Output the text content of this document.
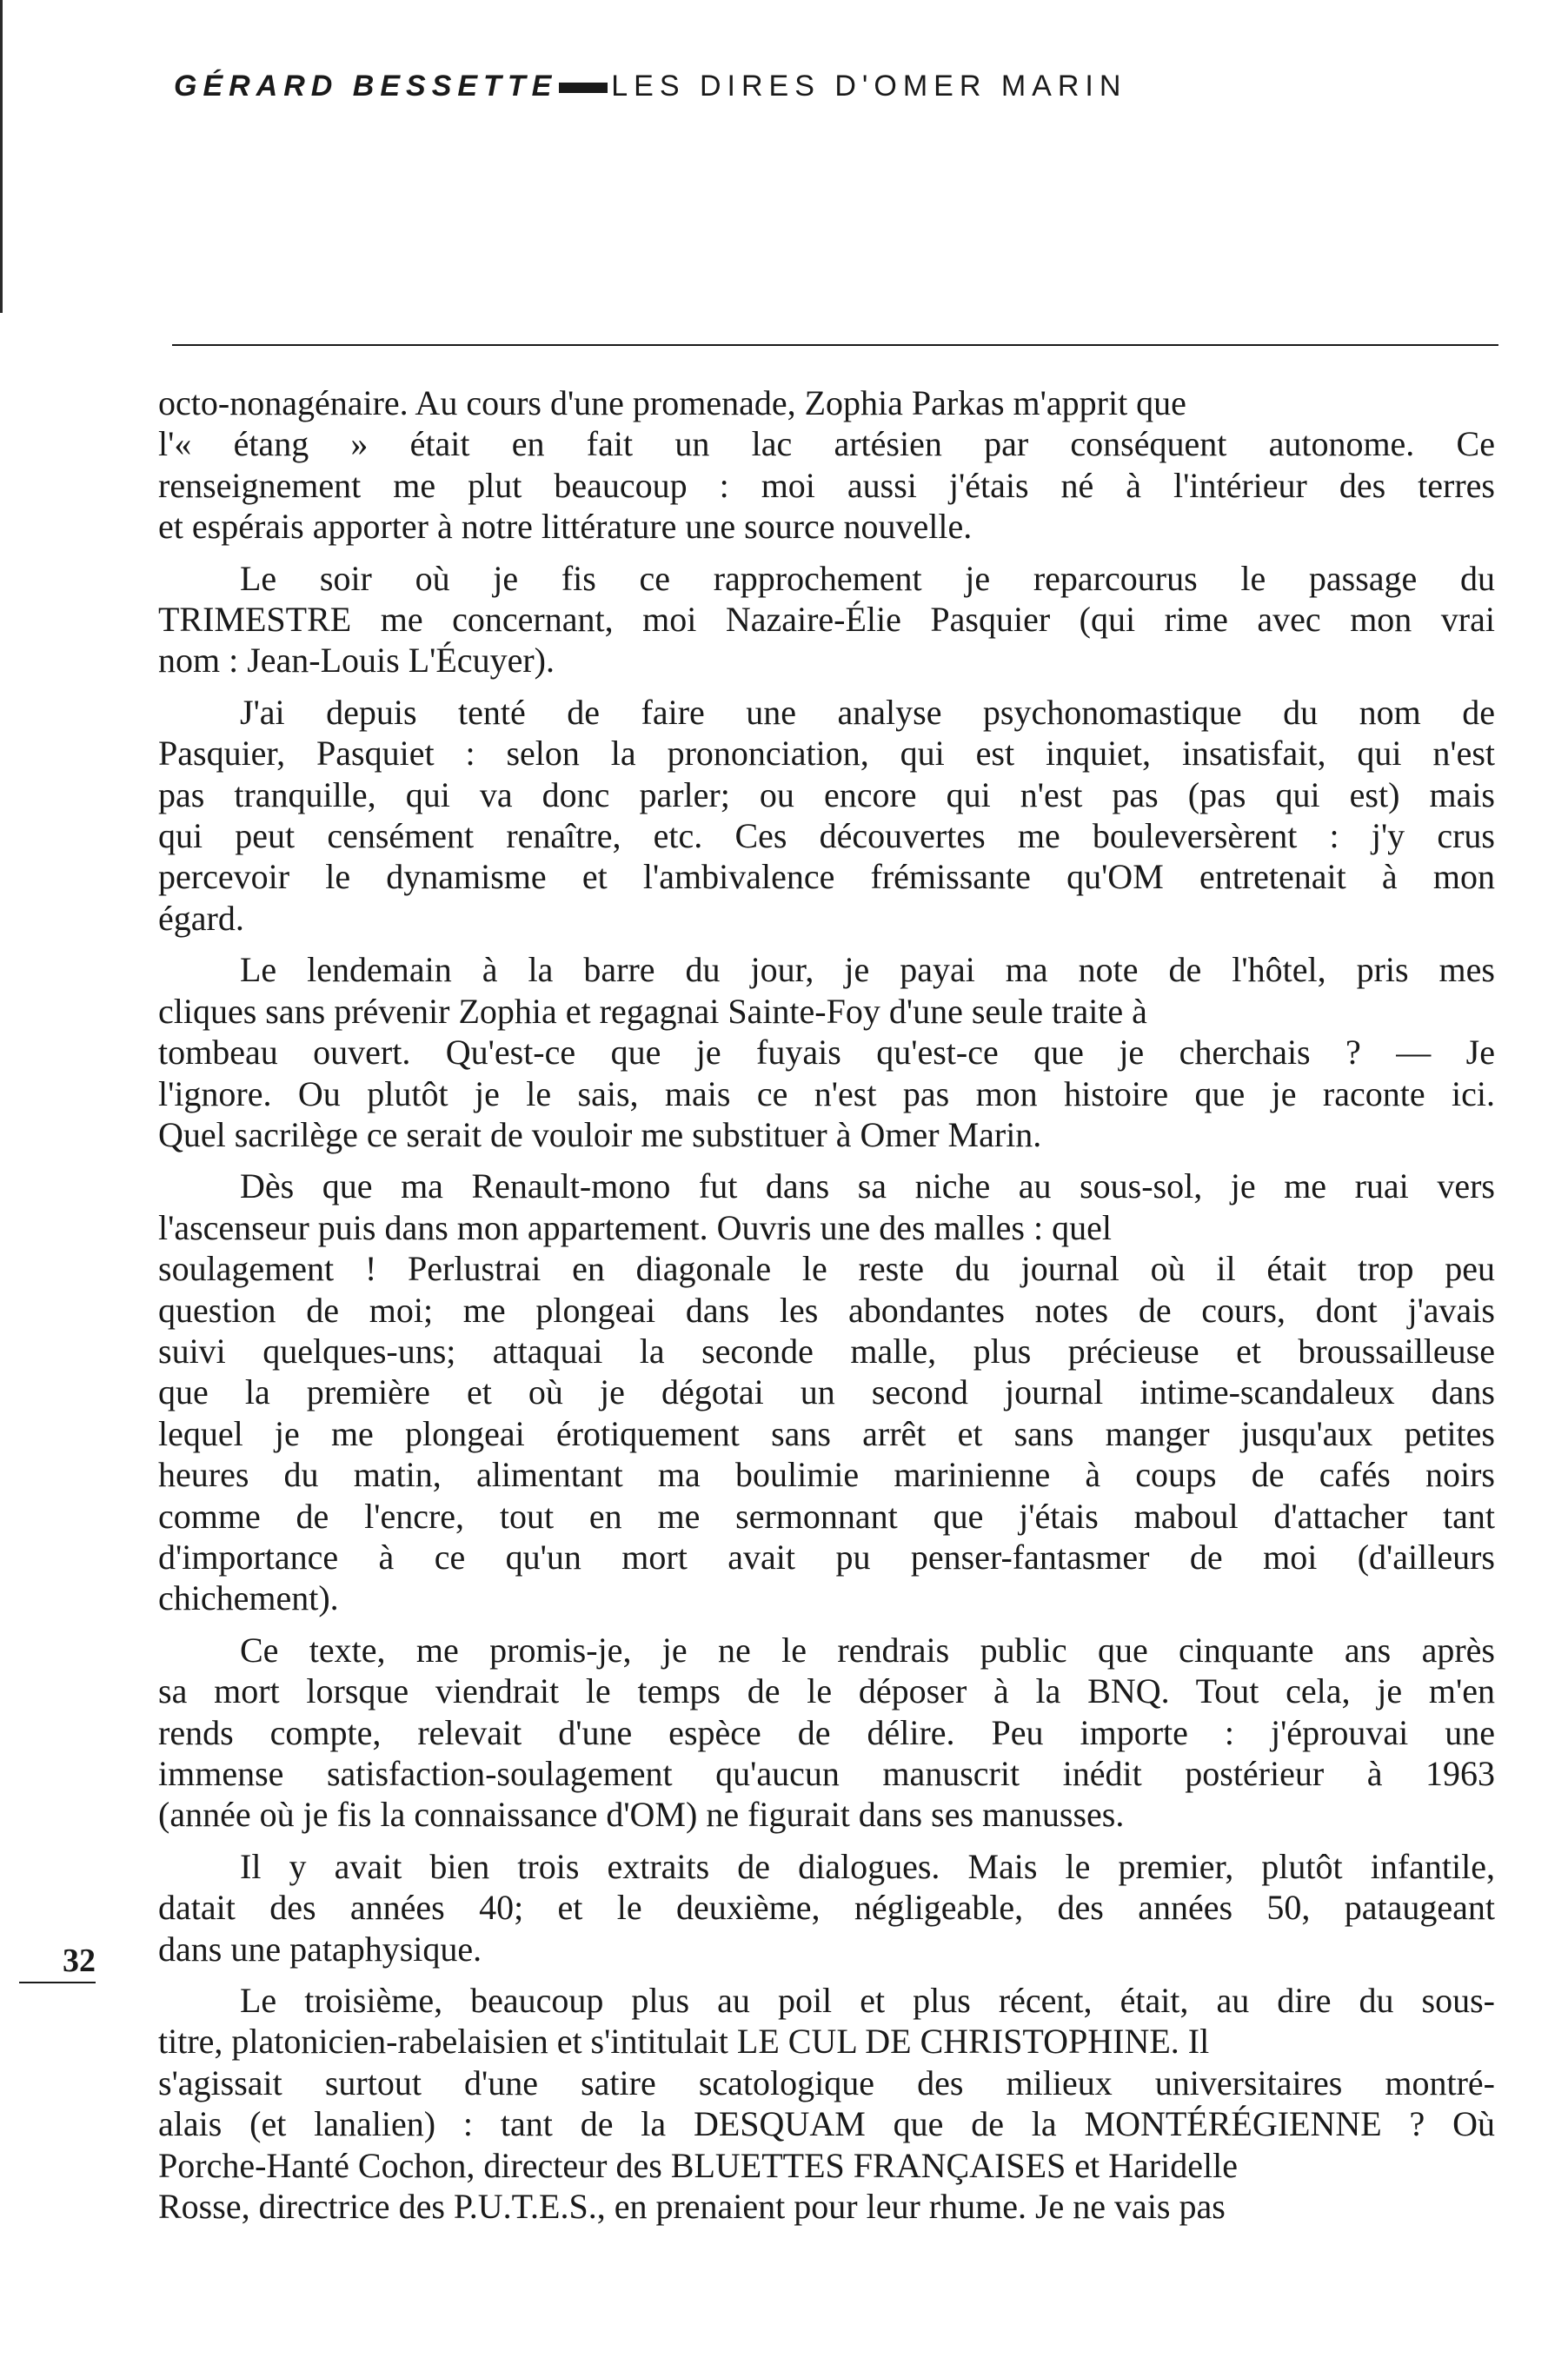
GÉRARD BESSETTE LES DIRES D'OMER MARIN

octo-nonagénaire. Au cours d'une promenade, Zophia Parkas m'apprit que
l'« étang » était en fait un lac artésien par conséquent autonome. Ce
renseignement me plut beaucoup : moi aussi j'étais né à l'intérieur des terres
et espérais apporter à notre littérature une source nouvelle.

Le soir où je fis ce rapprochement je reparcourus le passage du
TRIMESTRE me concernant, moi Nazaire-Élie Pasquier (qui rime avec mon vrai
nom : Jean-Louis L'Écuyer).

J'ai depuis tenté de faire une analyse psychonomastique du nom de
Pasquier, Pasquiet : selon la prononciation, qui est inquiet, insatisfait, qui n'est
pas tranquille, qui va donc parler; ou encore qui n'est pas (pas qui est) mais
qui peut censément renaître, etc. Ces découvertes me bouleversèrent : j'y crus
percevoir le dynamisme et l'ambivalence frémissante qu'OM entretenait à mon
égard.

Le lendemain à la barre du jour, je payai ma note de l'hôtel, pris mes
cliques sans prévenir Zophia et regagnai Sainte-Foy d'une seule traite à
tombeau ouvert. Qu'est-ce que je fuyais qu'est-ce que je cherchais ? — Je
l'ignore. Ou plutôt je le sais, mais ce n'est pas mon histoire que je raconte ici.
Quel sacrilège ce serait de vouloir me substituer à Omer Marin.

Dès que ma Renault-mono fut dans sa niche au sous-sol, je me ruai vers
l'ascenseur puis dans mon appartement. Ouvris une des malles : quel
soulagement ! Perlustrai en diagonale le reste du journal où il était trop peu
question de moi; me plongeai dans les abondantes notes de cours, dont j'avais
suivi quelques-uns; attaquai la seconde malle, plus précieuse et broussailleuse
que la première et où je dégotai un second journal intime-scandaleux dans
lequel je me plongeai érotiquement sans arrêt et sans manger jusqu'aux petites
heures du matin, alimentant ma boulimie marinienne à coups de cafés noirs
comme de l'encre, tout en me sermonnant que j'étais maboul d'attacher tant
d'importance à ce qu'un mort avait pu penser-fantasmer de moi (d'ailleurs
chichement).

Ce texte, me promis-je, je ne le rendrais public que cinquante ans après
sa mort lorsque viendrait le temps de le déposer à la BNQ. Tout cela, je m'en
rends compte, relevait d'une espèce de délire. Peu importe : j'éprouvai une
immense satisfaction-soulagement qu'aucun manuscrit inédit postérieur à 1963
(année où je fis la connaissance d'OM) ne figurait dans ses manusses.

Il y avait bien trois extraits de dialogues. Mais le premier, plutôt infantile,
datait des années 40; et le deuxième, négligeable, des années 50, pataugeant
dans une pataphysique.

Le troisième, beaucoup plus au poil et plus récent, était, au dire du sous-
titre, platonicien-rabelaisien et s'intitulait LE CUL DE CHRISTOPHINE. Il
s'agissait surtout d'une satire scatologique des milieux universitaires montré-
alais (et lanalien) : tant de la DESQUAM que de la MONTÉRÉGIENNE ? Où
Porche-Hanté Cochon, directeur des BLUETTES FRANÇAISES et Haridelle
Rosse, directrice des P.U.T.E.S., en prenaient pour leur rhume. Je ne vais pas

32
